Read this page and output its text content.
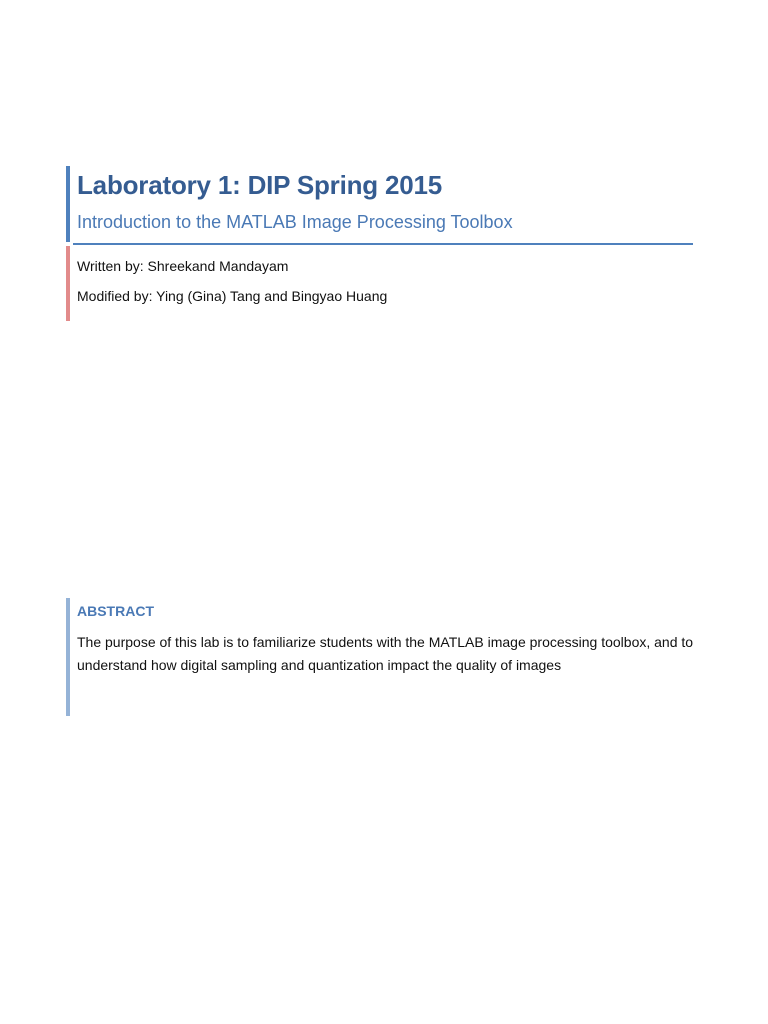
Laboratory 1: DIP Spring 2015
Introduction to the MATLAB Image Processing Toolbox
Written by: Shreekand Mandayam
Modified by: Ying (Gina) Tang and Bingyao Huang
ABSTRACT
The purpose of this lab is to familiarize students with the MATLAB image processing toolbox, and to understand how digital sampling and quantization impact the quality of images
